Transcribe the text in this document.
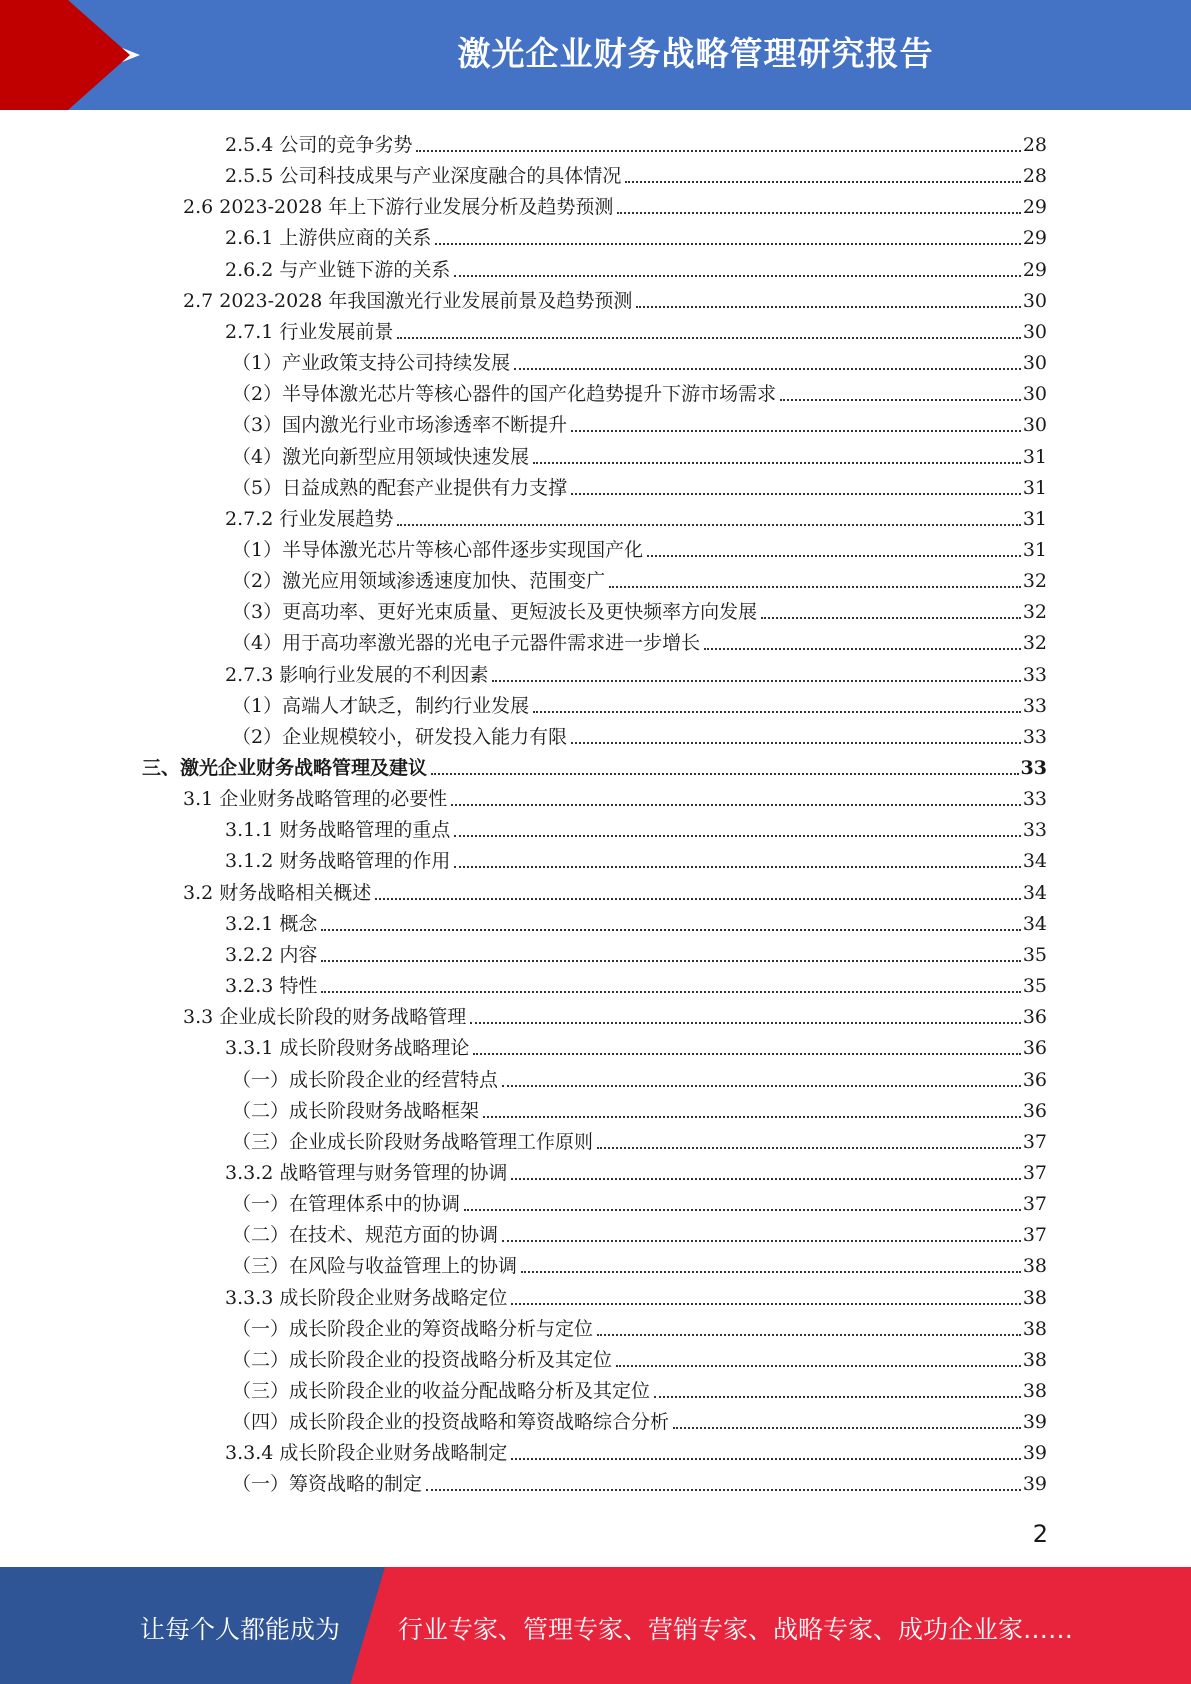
激光企业财务战略管理研究报告
2.5.4 公司的竞争劣势	28
2.5.5 公司科技成果与产业深度融合的具体情况	28
2.6 2023-2028 年上下游行业发展分析及趋势预测	29
2.6.1 上游供应商的关系	29
2.6.2 与产业链下游的关系	29
2.7 2023-2028 年我国激光行业发展前景及趋势预测	30
2.7.1 行业发展前景	30
（1）产业政策支持公司持续发展	30
（2）半导体激光芯片等核心器件的国产化趋势提升下游市场需求	30
（3）国内激光行业市场渗透率不断提升	30
（4）激光向新型应用领域快速发展	31
（5）日益成熟的配套产业提供有力支撑	31
2.7.2 行业发展趋势	31
（1）半导体激光芯片等核心部件逐步实现国产化	31
（2）激光应用领域渗透速度加快、范围变广	32
（3）更高功率、更好光束质量、更短波长及更快频率方向发展	32
（4）用于高功率激光器的光电子元器件需求进一步增长	32
2.7.3 影响行业发展的不利因素	33
（1）高端人才缺乏，制约行业发展	33
（2）企业规模较小，研发投入能力有限	33
三、激光企业财务战略管理及建议	33
3.1 企业财务战略管理的必要性	33
3.1.1 财务战略管理的重点	33
3.1.2 财务战略管理的作用	34
3.2 财务战略相关概述	34
3.2.1 概念	34
3.2.2 内容	35
3.2.3 特性	35
3.3 企业成长阶段的财务战略管理	36
3.3.1 成长阶段财务战略理论	36
（一）成长阶段企业的经营特点	36
（二）成长阶段财务战略框架	36
（三）企业成长阶段财务战略管理工作原则	37
3.3.2 战略管理与财务管理的协调	37
（一）在管理体系中的协调	37
（二）在技术、规范方面的协调	37
（三）在风险与收益管理上的协调	38
3.3.3 成长阶段企业财务战略定位	38
（一）成长阶段企业的筹资战略分析与定位	38
（二）成长阶段企业的投资战略分析及其定位	38
（三）成长阶段企业的收益分配战略分析及其定位	38
（四）成长阶段企业的投资战略和筹资战略综合分析	39
3.3.4 成长阶段企业财务战略制定	39
（一）筹资战略的制定	39
2
让每个人都能成为 行业专家、管理专家、营销专家、战略专家、成功企业家……
